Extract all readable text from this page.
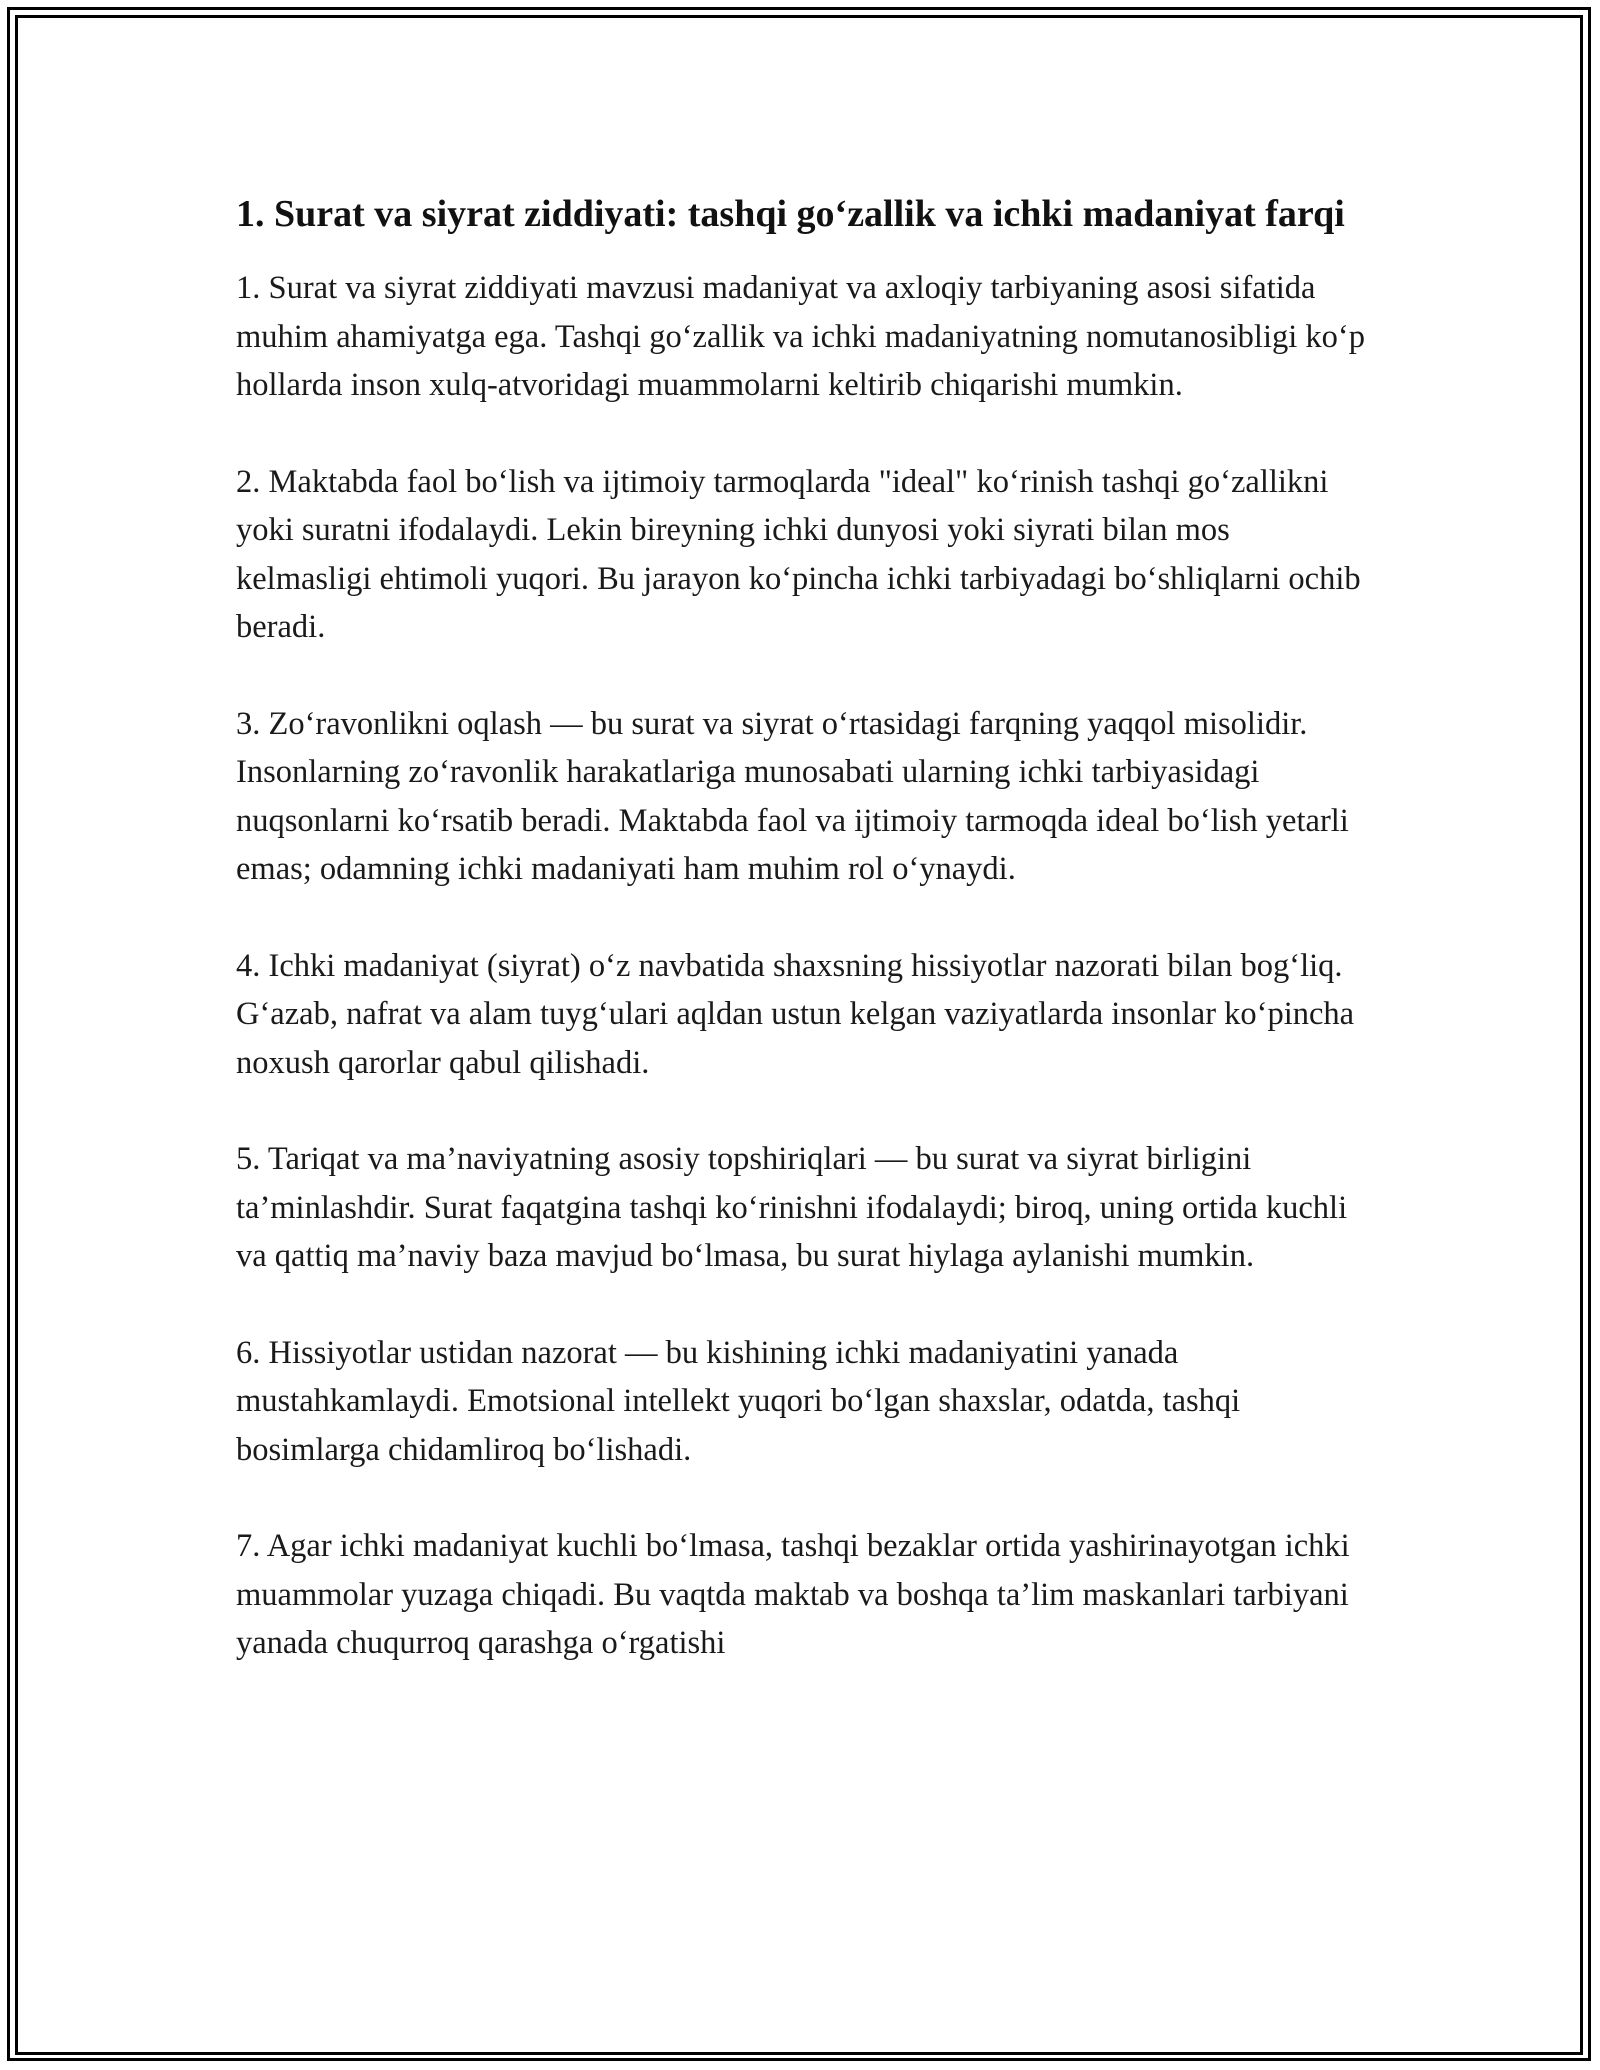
1. Surat va siyrat ziddiyati: tashqi go‘zallik va ichki madaniyat farqi

1. Surat va siyrat ziddiyati mavzusi madaniyat va axloqiy tarbiyaning asosi sifatida muhim ahamiyatga ega. Tashqi go‘zallik va ichki madaniyatning nomutanosibligi ko‘p hollarda inson xulq-atvoridagi muammolarni keltirib chiqarishi mumkin.

2. Maktabda faol bo‘lish va ijtimoiy tarmoqlarda "ideal" ko‘rinish tashqi go‘zallikni yoki suratni ifodalaydi. Lekin bireyning ichki dunyosi yoki siyrati bilan mos kelmasligi ehtimoli yuqori. Bu jarayon ko‘pincha ichki tarbiyadagi bo‘shliqlarni ochib beradi.

3. Zo‘ravonlikni oqlash — bu surat va siyrat o‘rtasidagi farqning yaqqol misolidir. Insonlarning zo‘ravonlik harakatlariga munosabati ularning ichki tarbiyasidagi nuqsonlarni ko‘rsatib beradi. Maktabda faol va ijtimoiy tarmoqda ideal bo‘lish yetarli emas; odamning ichki madaniyati ham muhim rol o‘ynaydi.

4. Ichki madaniyat (siyrat) o‘z navbatida shaxsning hissiyotlar nazorati bilan bog‘liq. G‘azab, nafrat va alam tuyg‘ulari aqldan ustun kelgan vaziyatlarda insonlar ko‘pincha noxush qarorlar qabul qilishadi.

5. Tariqat va ma’naviyatning asosiy topshiriqlari — bu surat va siyrat birligini ta’minlashdir. Surat faqatgina tashqi ko‘rinishni ifodalaydi; biroq, uning ortida kuchli va qattiq ma’naviy baza mavjud bo‘lmasa, bu surat hiylaga aylanishi mumkin.

6. Hissiyotlar ustidan nazorat — bu kishining ichki madaniyatini yanada mustahkamlaydi. Emotsional intellekt yuqori bo‘lgan shaxslar, odatda, tashqi bosimlarga chidamliroq bo‘lishadi.

7. Agar ichki madaniyat kuchli bo‘lmasa, tashqi bezaklar ortida yashirinayotgan ichki muammolar yuzaga chiqadi. Bu vaqtda maktab va boshqa ta’lim maskanlari tarbiyani yanada chuqurroq qarashga o‘rgatishi
